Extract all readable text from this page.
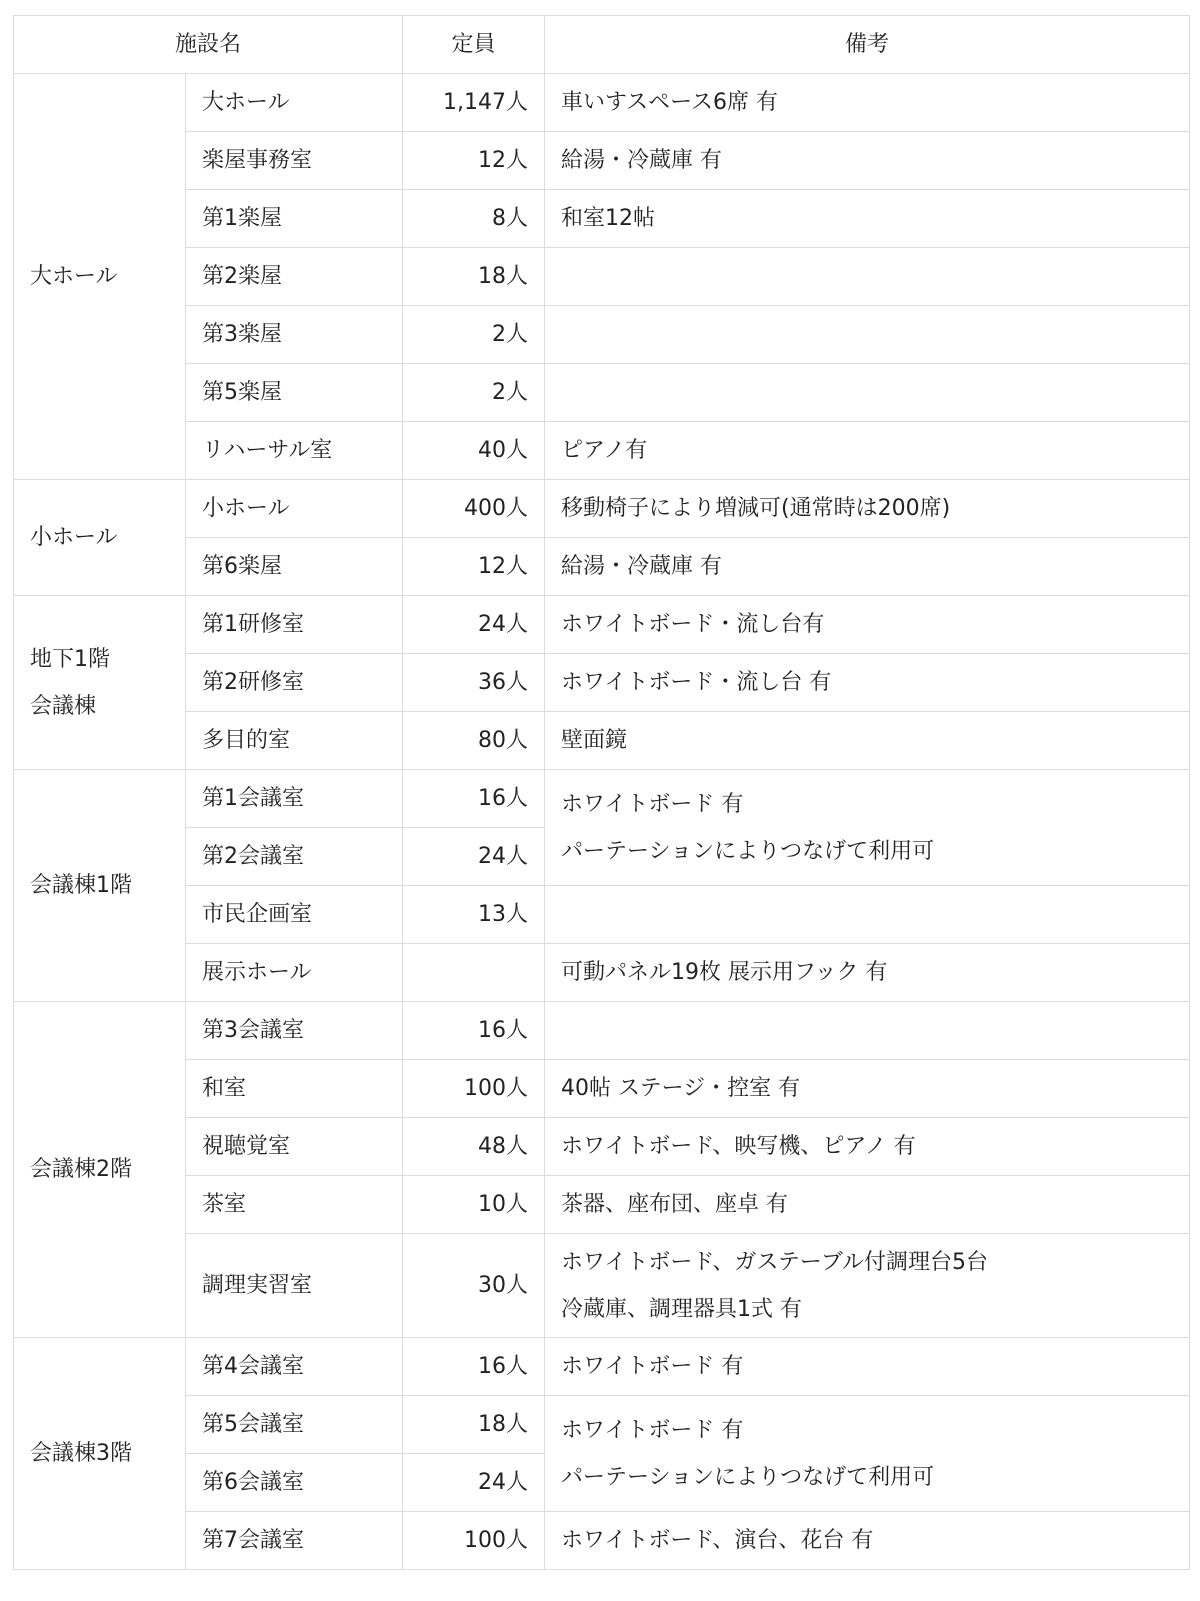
施設名		定員	備考

大ホール	大ホール	1,147人	車いすスペース6席 有

	楽屋事務室	12人	給湯・冷蔵庫 有

	第1楽屋	8人	和室12帖

	第2楽屋	18人	
	第3楽屋	2人	
	第5楽屋	2人	
	リハーサル室	40人	ピアノ有

小ホール	小ホール	400人	移動椅子により増減可(通常時は200席)

	第6楽屋	12人	給湯・冷蔵庫 有

地下1階
会議棟	第1研修室	24人	ホワイトボード・流し台有

	第2研修室	36人	ホワイトボード・流し台 有

	多目的室	80人	壁面鏡

会議棟1階	第1会議室	16人	ホワイトボード 有
パーテーションによりつなげて利用可

	第2会議室	24人	
	市民企画室	13人	
	展示ホール		可動パネル19枚 展示用フック 有

会議棟2階	第3会議室	16人	
	和室	100人	40帖 ステージ・控室 有

	視聴覚室	48人	ホワイトボード、映写機、ピアノ 有

	茶室	10人	茶器、座布団、座卓 有

	調理実習室	30人	ホワイトボード、ガステーブル付調理台5台
冷蔵庫、調理器具1式 有

会議棟3階	第4会議室	16人	ホワイトボード 有

	第5会議室	18人	ホワイトボード 有
パーテーションによりつなげて利用可

	第6会議室	24人	
	第7会議室	100人	ホワイトボード、演台、花台 有
